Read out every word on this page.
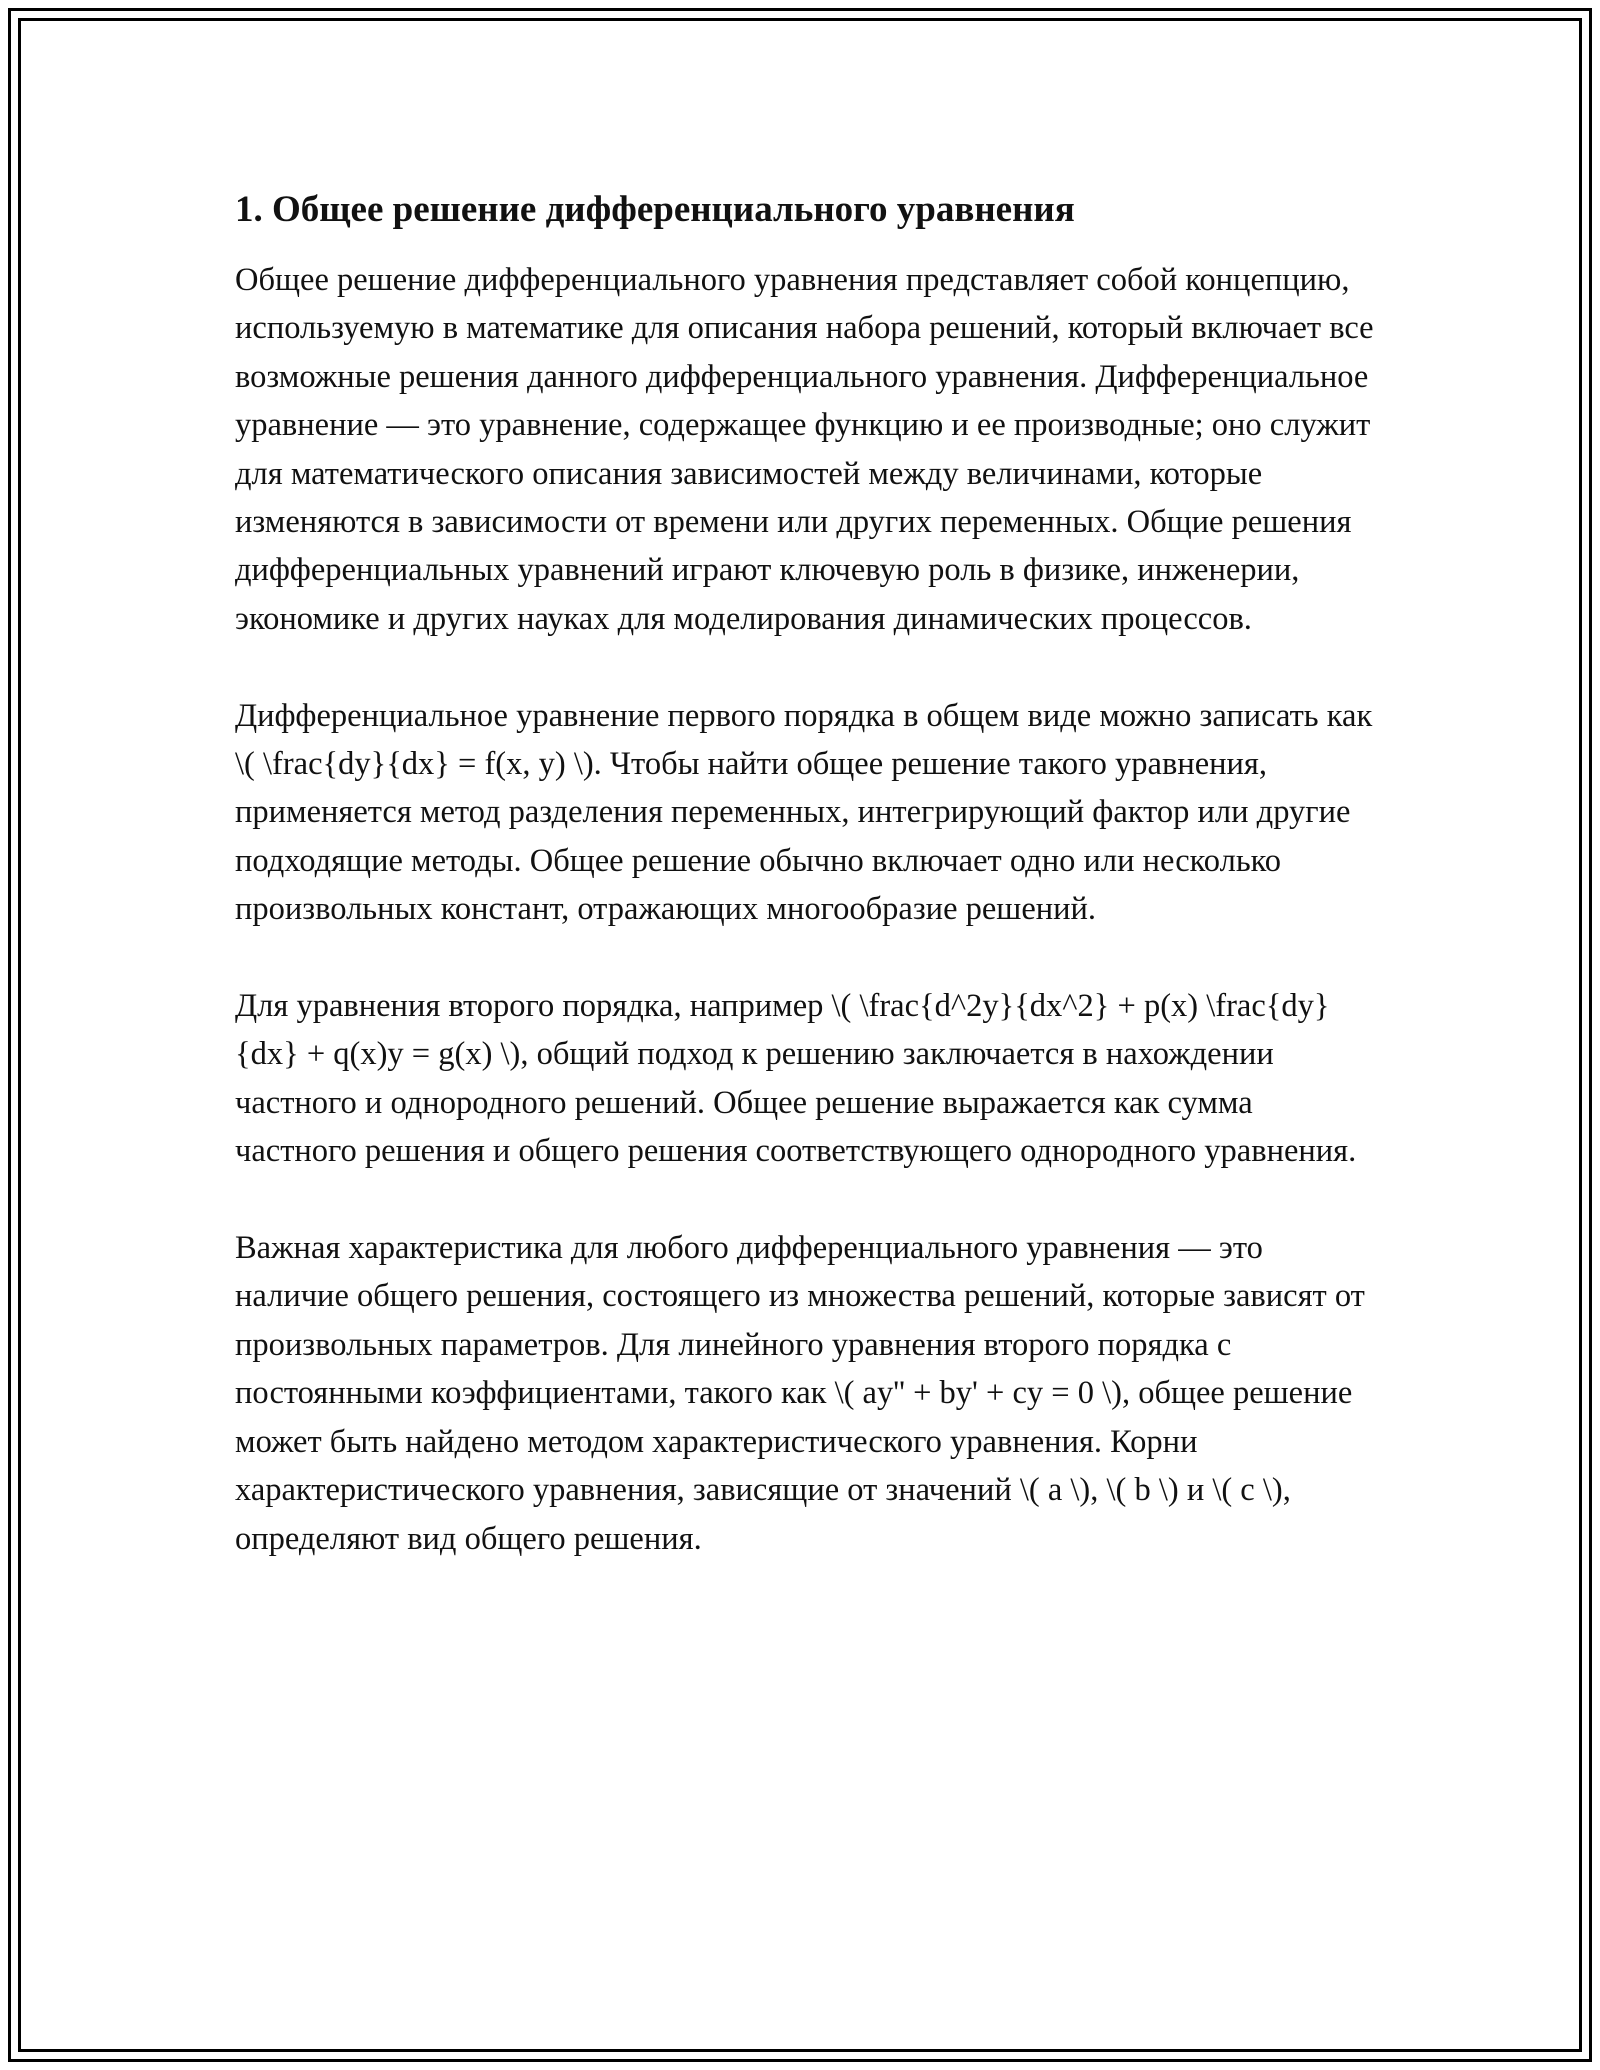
1. Общее решение дифференциального уравнения

Общее решение дифференциального уравнения представляет собой концепцию, используемую в математике для описания набора решений, который включает все возможные решения данного дифференциального уравнения. Дифференциальное уравнение — это уравнение, содержащее функцию и ее производные; оно служит для математического описания зависимостей между величинами, которые изменяются в зависимости от времени или других переменных. Общие решения дифференциальных уравнений играют ключевую роль в физике, инженерии, экономике и других науках для моделирования динамических процессов.

Дифференциальное уравнение первого порядка в общем виде можно записать как \( \frac{dy}{dx} = f(x, y) \). Чтобы найти общее решение такого уравнения, применяется метод разделения переменных, интегрирующий фактор или другие подходящие методы. Общее решение обычно включает одно или несколько произвольных констант, отражающих многообразие решений.

Для уравнения второго порядка, например \( \frac{d^2y}{dx^2} + p(x) \frac{dy}{dx} + q(x)y = g(x) \), общий подход к решению заключается в нахождении частного и однородного решений. Общее решение выражается как сумма частного решения и общего решения соответствующего однородного уравнения.

Важная характеристика для любого дифференциального уравнения — это наличие общего решения, состоящего из множества решений, которые зависят от произвольных параметров. Для линейного уравнения второго порядка с постоянными коэффициентами, такого как \( ay'' + by' + cy = 0 \), общее решение может быть найдено методом характеристического уравнения. Корни характеристического уравнения, зависящие от значений \( a \), \( b \) и \( c \), определяют вид общего решения.
